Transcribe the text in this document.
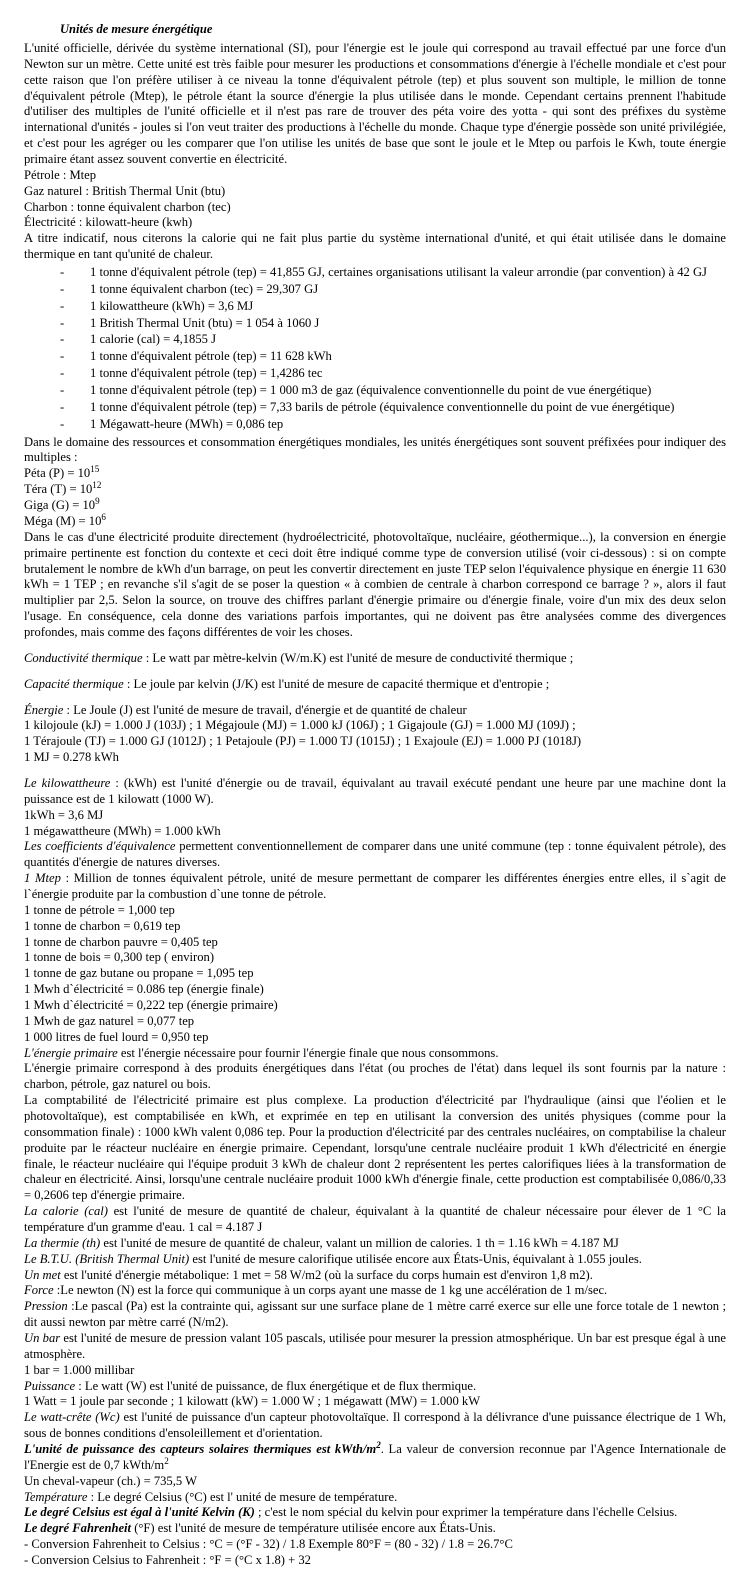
Unités de mesure énergétique

L'unité officielle, dérivée du système international (SI), pour l'énergie est le joule qui correspond au travail effectué par une force d'un Newton sur un mètre. Cette unité est très faible pour mesurer les productions et consommations d'énergie à l'échelle mondiale et c'est pour cette raison que l'on préfère utiliser à ce niveau la tonne d'équivalent pétrole (tep) et plus souvent son multiple, le million de tonne d'équivalent pétrole (Mtep), le pétrole étant la source d'énergie la plus utilisée dans le monde. Cependant certains prennent l'habitude d'utiliser des multiples de l'unité officielle et il n'est pas rare de trouver des péta voire des yotta - qui sont des préfixes du système international d'unités - joules si l'on veut traiter des productions à l'échelle du monde. Chaque type d'énergie possède son unité privilégiée, et c'est pour les agréger ou les comparer que l'on utilise les unités de base que sont le joule et le Mtep ou parfois le Kwh, toute énergie primaire étant assez souvent convertie en électricité.

Pétrole : Mtep

Gaz naturel : British Thermal Unit (btu)

Charbon : tonne équivalent charbon (tec)

Électricité : kilowatt-heure (kwh)

A titre indicatif, nous citerons la calorie qui ne fait plus partie du système international d'unité, et qui était utilisée dans le domaine thermique en tant qu'unité de chaleur.

- 1 tonne d'équivalent pétrole (tep) = 41,855 GJ, certaines organisations utilisant la valeur arrondie (par convention) à 42 GJ
- 1 tonne équivalent charbon (tec) = 29,307 GJ
- 1 kilowattheure (kWh) = 3,6 MJ
- 1 British Thermal Unit (btu) = 1 054 à 1060 J
- 1 calorie (cal) = 4,1855 J
- 1 tonne d'équivalent pétrole (tep) = 11 628 kWh
- 1 tonne d'équivalent pétrole (tep) = 1,4286 tec
- 1 tonne d'équivalent pétrole (tep) = 1 000 m3 de gaz (équivalence conventionnelle du point de vue énergétique)
- 1 tonne d'équivalent pétrole (tep) = 7,33 barils de pétrole (équivalence conventionnelle du point de vue énergétique)
- 1 Mégawatt-heure (MWh) = 0,086 tep

Dans le domaine des ressources et consommation énergétiques mondiales, les unités énergétiques sont souvent préfixées pour indiquer des multiples :

Péta $(P) = 10^{15}$

Téra $(T) = 10^{12}$

Giga $(G) = 10^9$

Méga $(M) = 10^6$

Dans le cas d'une électricité produite directement (hydroélectricité, photovoltaïque, nucléaire, géothermique...), la conversion en énergie primaire pertinente est fonction du contexte et ceci doit être indiqué comme type de conversion utilisé (voir ci-dessous) : si on compte brutalement le nombre de kWh d'un barrage, on peut les convertir directement en juste TEP selon l'équivalence physique en énergie 11 630 kWh = 1 TEP ; en revanche s'il s'agit de se poser la question « à combien de centrale à charbon correspond ce barrage ? », alors il faut multiplier par 2,5. Selon la source, on trouve des chiffres parlant d'énergie primaire ou d'énergie finale, voire d'un mix des deux selon l'usage. En conséquence, cela donne des variations parfois importantes, qui ne doivent pas être analysées comme des divergences profondes, mais comme des façons différentes de voir les choses.

Conductivité thermique : Le watt par mètre-kelvin (W/m.K) est l'unité de mesure de conductivité thermique ;

Capacité thermique : Le joule par kelvin (J/K) est l'unité de mesure de capacité thermique et d'entropie ;

Énergie : Le Joule (J) est l'unité de mesure de travail, d'énergie et de quantité de chaleur

1 kilojoule (kJ) = 1.000 J (103J) ; 1 Mégajoule (MJ) = 1.000 kJ (106J) ; 1 Gigajoule (GJ) = 1.000 MJ (109J) ;

1 Térajoule (TJ) = 1.000 GJ (1012J) ; 1 Petajoule (PJ) = 1.000 TJ (1015J) ; 1 Exajoule (EJ) = 1.000 PJ (1018J)

1 MJ = 0.278 kWh

Le kilowattheure : (kWh) est l'unité d'énergie ou de travail, équivalant au travail exécuté pendant une heure par une machine dont la puissance est de 1 kilowatt (1000 W).

1kWh = 3,6 MJ

1 mégawattheure (MWh) = 1.000 kWh

Les coefficients d'équivalence permettent conventionnellement de comparer dans une unité commune (tep : tonne équivalent pétrole), des quantités d'énergie de natures diverses.

1 Mtep : Million de tonnes équivalent pétrole, unité de mesure permettant de comparer les différentes énergies entre elles, il s`agit de l`énergie produite par la combustion d`une tonne de pétrole.

1 tonne de pétrole = 1,000 tep

1 tonne de charbon = 0,619 tep

1 tonne de charbon pauvre = 0,405 tep

1 tonne de bois = 0,300 tep ( environ)

1 tonne de gaz butane ou propane = 1,095 tep

1 Mwh d`électricité = 0.086 tep (énergie finale)

1 Mwh d`électricité = 0,222 tep (énergie primaire)

1 Mwh de gaz naturel = 0,077 tep

1 000 litres de fuel lourd = 0,950 tep

L'énergie primaire est l'énergie nécessaire pour fournir l'énergie finale que nous consommons.

L'énergie primaire correspond à des produits énergétiques dans l'état (ou proches de l'état) dans lequel ils sont fournis par la nature : charbon, pétrole, gaz naturel ou bois.

La comptabilité de l'électricité primaire est plus complexe. La production d'électricité par l'hydraulique (ainsi que l'éolien et le photovoltaïque), est comptabilisée en kWh, et exprimée en tep en utilisant la conversion des unités physiques (comme pour la consommation finale) : 1000 kWh valent 0,086 tep. Pour la production d'électricité par des centrales nucléaires, on comptabilise la chaleur produite par le réacteur nucléaire en énergie primaire. Cependant, lorsqu'une centrale nucléaire produit 1 kWh d'électricité en énergie finale, le réacteur nucléaire qui l'équipe produit 3 kWh de chaleur dont 2 représentent les pertes calorifiques liées à la transformation de chaleur en électricité. Ainsi, lorsqu'une centrale nucléaire produit 1000 kWh d'énergie finale, cette production est comptabilisée 0,086/0,33 = 0,2606 tep d'énergie primaire.

La calorie (cal) est l'unité de mesure de quantité de chaleur, équivalant à la quantité de chaleur nécessaire pour élever de 1 °C la température d'un gramme d'eau. 1 cal = 4.187 J

La thermie (th) est l'unité de mesure de quantité de chaleur, valant un million de calories. 1 th = 1.16 kWh = 4.187 MJ

Le B.T.U. (British Thermal Unit) est l'unité de mesure calorifique utilisée encore aux États-Unis, équivalant à 1.055 joules.

Un met est l'unité d'énergie métabolique: 1 met = 58 W/m2 (où la surface du corps humain est d'environ 1,8 m2).

Force :Le newton (N) est la force qui communique à un corps ayant une masse de 1 kg une accélération de 1 m/sec.

Pression :Le pascal (Pa) est la contrainte qui, agissant sur une surface plane de 1 mètre carré exerce sur elle une force totale de 1 newton ; dit aussi newton par mètre carré (N/m2).

Un bar est l'unité de mesure de pression valant 105 pascals, utilisée pour mesurer la pression atmosphérique. Un bar est presque égal à une atmosphère.

1 bar = 1.000 millibar

Puissance : Le watt (W) est l'unité de puissance, de flux énergétique et de flux thermique.

1 Watt = 1 joule par seconde ; 1 kilowatt (kW) = 1.000 W ; 1 mégawatt (MW) = 1.000 kW

Le watt-crête (Wc) est l'unité de puissance d'un capteur photovoltaïque. Il correspond à la délivrance d'une puissance électrique de 1 Wh, sous de bonnes conditions d'ensoleillement et d'orientation.

L'unité de puissance des capteurs solaires thermiques est kWth/$m^2$. La valeur de conversion reconnue par l'Agence Internationale de l'Energie est de 0,7 kWth/$m^2$

Un cheval-vapeur (ch.) = 735,5 W

Température : Le degré Celsius (°C) est l' unité de mesure de température.

Le degré Celsius est égal à l'unité Kelvin (K) ; c'est le nom spécial du kelvin pour exprimer la température dans l'échelle Celsius.

Le degré Fahrenheit (°F) est l'unité de mesure de température utilisée encore aux États-Unis.

- Conversion Fahrenheit to Celsius : °C = (°F - 32) / 1.8 Exemple 80°F = (80 - 32) / 1.8 = 26.7°C

- Conversion Celsius to Fahrenheit : °F = (°C x 1.8) + 32
